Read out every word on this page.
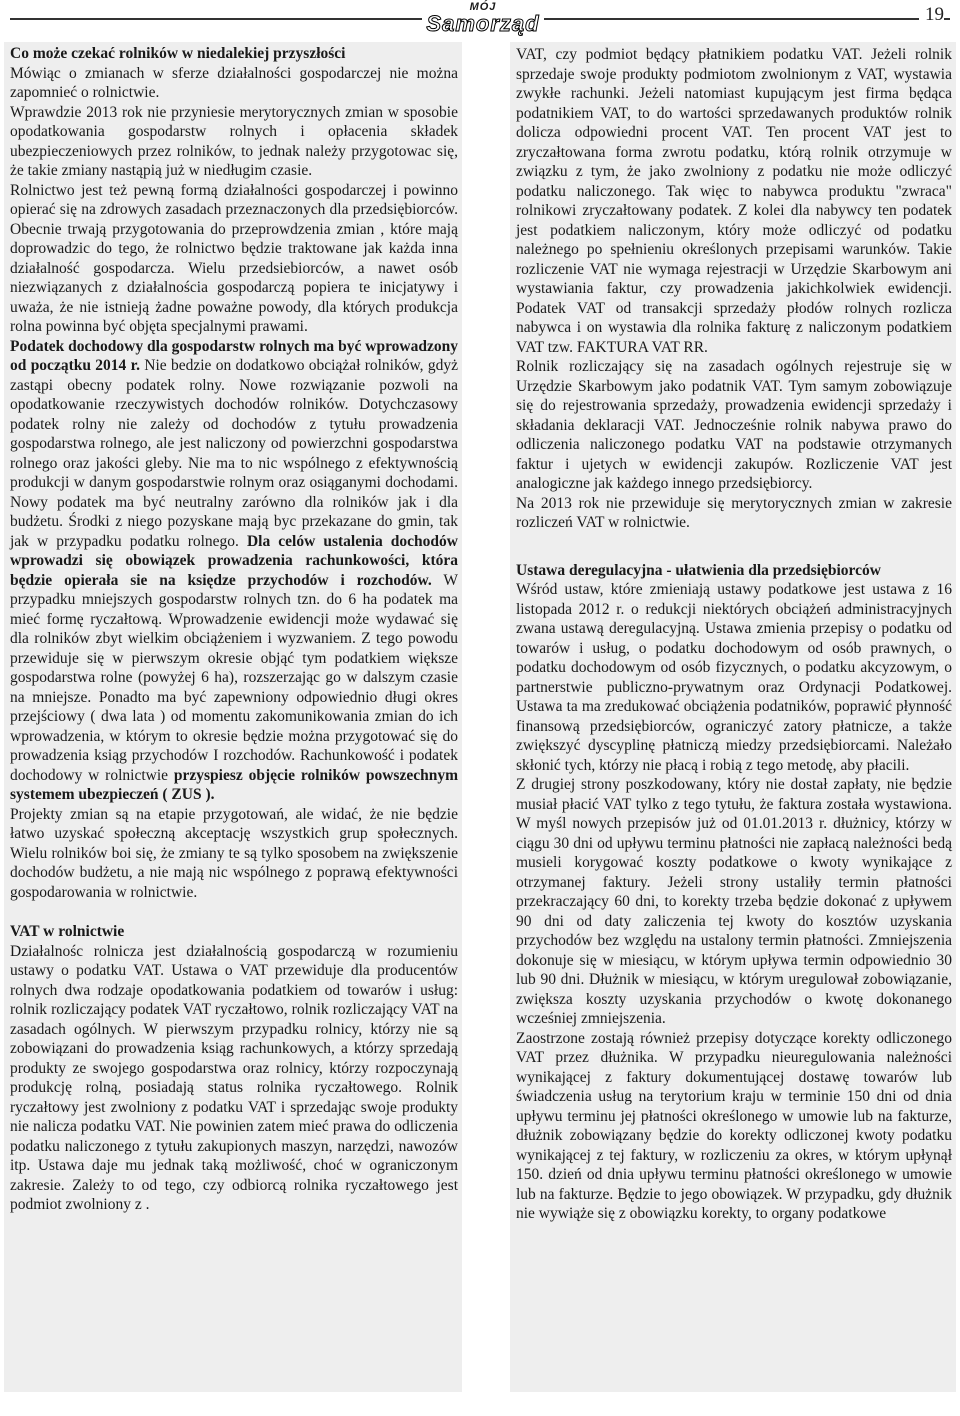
MÓJ
Samorząd	19
Co może czekać rolników w niedalekiej przyszłości

Mówiąc o zmianach w sferze działalności gospodarczej nie można zapomnieć o rolnictwie.

Wprawdzie 2013 rok nie przyniesie merytorycznych zmian w sposobie opodatkowania gospodarstw rolnych i opłacenia składek ubezpieczeniowych przez rolników, to jednak należy przygotowac się, że takie zmiany nastąpią już w niedługim czasie.

Rolnictwo jest też pewną formą działalności gospodarczej i powinno opierać się na zdrowych zasadach przeznaczonych dla przedsiębiorców. Obecnie trwają przygotowania do przeprowdzenia zmian , które mają doprowadzic do tego, że rolnictwo będzie traktowane jak każda inna działalność gospodarcza. Wielu przedsiebiorców, a nawet osób niezwiązanych z działalnościa gospodarczą popiera te inicjatywy i uważa, że nie istnieją żadne poważne powody, dla których produkcja rolna powinna być objęta specjalnymi prawami.

Podatek dochodowy dla gospodarstw rolnych ma być wprowadzony od początku 2014 r. Nie bedzie on dodatkowo obciążał rolników, gdyż zastąpi obecny podatek rolny. Nowe rozwiązanie pozwoli na opodatkowanie rzeczywistych dochodów rolników. Dotychczasowy podatek rolny nie zależy od dochodów z tytułu prowadzenia gospodarstwa rolnego, ale jest naliczony od powierzchni gospodarstwa rolnego oraz jakości gleby. Nie ma to nic wspólnego z efektywnością produkcji w danym gospodarstwie rolnym oraz osiąganymi dochodami. Nowy podatek ma być neutralny zarówno dla rolników jak i dla budżetu. Środki z niego pozyskane mają byc przekazane do gmin, tak jak w przypadku podatku rolnego. Dla celów ustalenia dochodów wprowadzi się obowiązek prowadzenia rachunkowości, która będzie opierała sie na księdze przychodów i rozchodów. W przypadku mniejszych gospodarstw rolnych tzn. do 6 ha podatek ma mieć formę ryczałtową. Wprowadzenie ewidencji może wydawać się dla rolników zbyt wielkim obciążeniem i wyzwaniem. Z tego powodu przewiduje się w pierwszym okresie objąć tym podatkiem większe gospodarstwa rolne (powyżej 6 ha), rozszerzając go w dalszym czasie na mniejsze. Ponadto ma być zapewniony odpowiednio długi okres przejściowy ( dwa lata ) od momentu zakomunikowania zmian do ich wprowadzenia, w którym to okresie będzie można przygotować się do prowadzenia ksiąg przychodów I rozchodów. Rachunkowość i podatek dochodowy w rolnictwie przyspiesz objęcie rolników powszechnym systemem ubezpieczeń ( ZUS ).

Projekty zmian są na etapie przygotowań, ale widać, że nie będzie łatwo uzyskać społeczną akceptację wszystkich grup społecznych. Wielu rolników boi się, że zmiany te są tylko sposobem na zwiększenie dochodów budżetu, a nie mają nic wspólnego z poprawą efektywności gospodarowania w rolnictwie.

VAT w rolnictwie

Działalnośc rolnicza jest działalnością gospodarczą w rozumieniu ustawy o podatku VAT. Ustawa o VAT przewiduje dla producentów rolnych dwa rodzaje opodatkowania podatkiem od towarów i usług: rolnik rozliczający podatek VAT ryczałtowo, rolnik rozliczający VAT na zasadach ogólnych. W pierwszym przypadku rolnicy, którzy nie są zobowiązani do prowadzenia ksiąg rachunkowych, a którzy sprzedają produkty ze swojego gospodarstwa oraz rolnicy, którzy rozpoczynają produkcję rolną, posiadają status rolnika ryczałtowego. Rolnik ryczałtowy jest zwolniony z podatku VAT i sprzedając swoje produkty nie nalicza podatku VAT. Nie powinien zatem mieć prawa do odliczenia podatku naliczonego z tytułu zakupionych maszyn, narzędzi, nawozów itp. Ustawa daje mu jednak taką możliwość, choć w ograniczonym zakresie. Zależy to od tego, czy odbiorcą rolnika ryczałtowego jest podmiot zwolniony z .

VAT, czy podmiot będący płatnikiem podatku VAT. Jeżeli rolnik sprzedaje swoje produkty podmiotom zwolnionym z VAT, wystawia zwykłe rachunki. Jeżeli natomiast kupującym jest firma będąca podatnikiem VAT, to do wartości sprzedawanych produktów rolnik dolicza odpowiedni procent VAT. Ten procent VAT jest to zryczałtowana forma zwrotu podatku, którą rolnik otrzymuje w związku z tym, że jako zwolniony z podatku nie może odliczyć podatku naliczonego. Tak więc to nabywca produktu "zwraca" rolnikowi zryczałtowany podatek. Z kolei dla nabywcy ten podatek jest podatkiem naliczonym, który może odliczyć od podatku należnego po spełnieniu określonych przepisami warunków. Takie rozliczenie VAT nie wymaga rejestracji w Urzędzie Skarbowym ani wystawiania faktur, czy prowadzenia jakichkolwiek ewidencji. Podatek VAT od transakcji sprzedaży płodów rolnych rozlicza nabywca i on wystawia dla rolnika fakturę z naliczonym podatkiem VAT tzw. FAKTURA VAT RR.

Rolnik rozliczający się na zasadach ogólnych rejestruje się w Urzędzie Skarbowym jako podatnik VAT. Tym samym zobowiązuje się do rejestrowania sprzedaży, prowadzenia ewidencji sprzedaży i składania deklaracji VAT. Jednocześnie rolnik nabywa prawo do odliczenia naliczonego podatku VAT na podstawie otrzymanych faktur i ujetych w ewidencji zakupów. Rozliczenie VAT jest analogiczne jak każdego innego przedsiębiorcy.

Na 2013 rok nie przewiduje się merytorycznych zmian w zakresie rozliczeń VAT w rolnictwie.

Ustawa deregulacyjna - ułatwienia dla przedsiębiorców

Wśród ustaw, które zmieniają ustawy podatkowe jest ustawa z 16 listopada 2012 r. o redukcji niektórych obciążeń administracyjnych zwana ustawą deregulacyjną. Ustawa zmienia przepisy o podatku od towarów i usług, o podatku dochodowym od osób prawnych, o podatku dochodowym od osób fizycznych, o podatku akcyzowym, o partnerstwie publiczno-prywatnym oraz Ordynacji Podatkowej. Ustawa ta ma zredukować obciążenia podatników, poprawić płynność finansową przedsiębiorców, ograniczyć zatory płatnicze, a także zwiększyć dyscyplinę płatniczą miedzy przedsiębiorcami. Należało skłonić tych, którzy nie płacą i robią z tego metodę, aby płacili.

Z drugiej strony poszkodowany, który nie dostał zapłaty, nie będzie musiał płacić VAT tylko z tego tytułu, że faktura została wystawiona. W myśl nowych przepisów już od 01.01.2013 r. dłużnicy, którzy w ciągu 30 dni od upływu terminu płatności nie zapłacą należności bedą musieli korygować koszty podatkowe o kwoty wynikające z otrzymanej faktury. Jeżeli strony ustaliły termin płatności przekraczający 60 dni, to korekty trzeba będzie dokonać z upływem 90 dni od daty zaliczenia tej kwoty do kosztów uzyskania przychodów bez względu na ustalony termin płatności. Zmniejszenia dokonuje się w miesiącu, w którym upływa termin odpowiednio 30 lub 90 dni. Dłużnik w miesiącu, w którym uregulował zobowiązanie, zwiększa koszty uzyskania przychodów o kwotę dokonanego wcześniej zmniejszenia.

Zaostrzone zostają również przepisy dotyczące korekty odliczonego VAT przez dłużnika. W przypadku nieuregulowania należności wynikającej z faktury dokumentującej dostawę towarów lub świadczenia usług na terytorium kraju w terminie 150 dni od dnia upływu terminu jej płatności określonego w umowie lub na fakturze, dłużnik zobowiązany będzie do korekty odliczonej kwoty podatku wynikającej z tej faktury, w rozliczeniu za okres, w którym upłynął 150. dzień od dnia upływu terminu płatności określonego w umowie lub na fakturze. Będzie to jego obowiązek. W przypadku, gdy dłużnik nie wywiąże się z obowiązku korekty, to organy podatkowe
